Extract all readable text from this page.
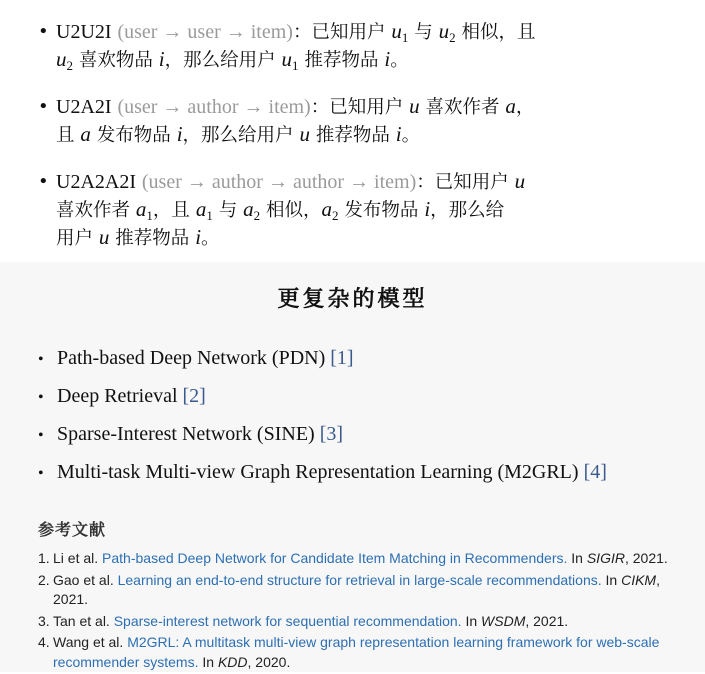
• U2U2I (user → user → item)：已知用户 $u_1$ 与 $u_2$ 相似，且
$u_2$ 喜欢物品 i，那么给用户 $u_1$ 推荐物品 i。
• U2A2I (user → author → item)：已知用户 u 喜欢作者 a，
且 a 发布物品 i，那么给用户 u 推荐物品 i。
• U2A2A2I (user → author → author → item)：已知用户 u
喜欢作者 $a_1$，且 $a_1$ 与 $a_2$ 相似，$a_2$ 发布物品 i，那么给
用户 u 推荐物品 i。
更复杂的模型
• Path-based Deep Network (PDN) [1]
• Deep Retrieval [2]
• Sparse-Interest Network (SINE) [3]
• Multi-task Multi-view Graph Representation Learning (M2GRL) [4]
参考文献
1. Li et al. Path-based Deep Network for Candidate Item Matching in Recommenders. In SIGIR, 2021.
2. Gao et al. Learning an end-to-end structure for retrieval in large-scale recommendations. In CIKM, 2021.
3. Tan et al. Sparse-interest network for sequential recommendation. In WSDM, 2021.
4. Wang et al. M2GRL: A multitask multi-view graph representation learning framework for web-scale recommender systems. In KDD, 2020.
